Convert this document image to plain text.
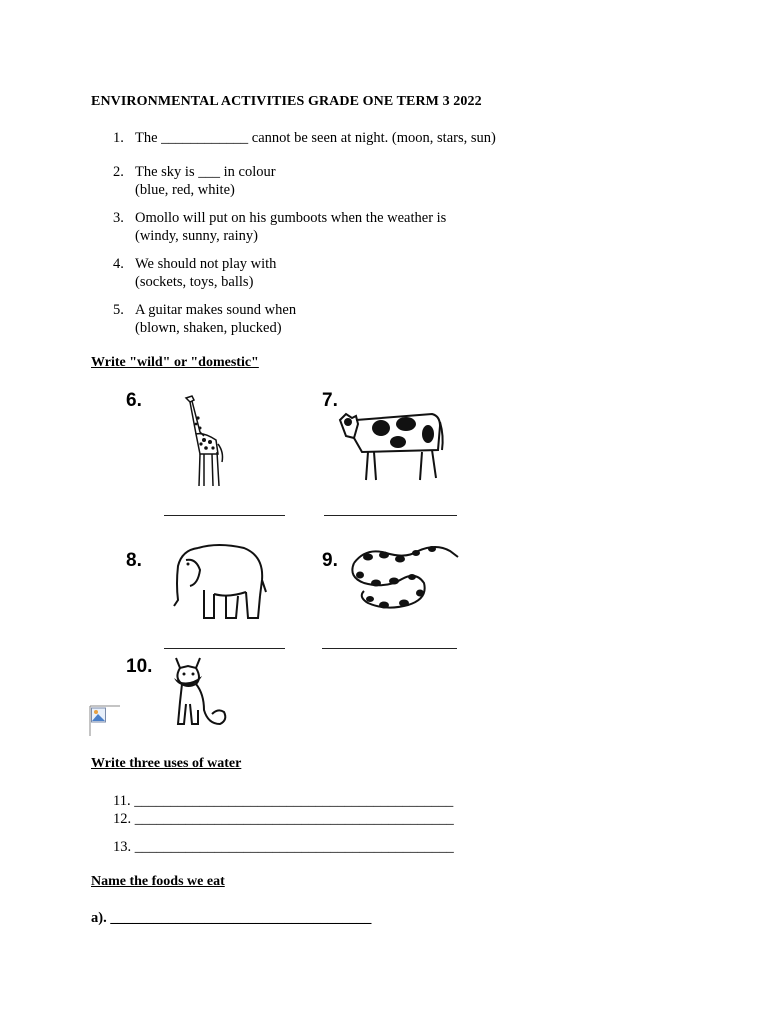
ENVIRONMENTAL ACTIVITIES GRADE ONE TERM 3 2022
1. The ____________ cannot be seen at night. (moon, stars, sun)
2. The sky is ___ in colour
(blue, red, white)
3. Omollo will put on his gumboots when the weather is
(windy, sunny, rainy)
4. We should not play with
(sockets, toys, balls)
5. A guitar makes sound when
(blown, shaken, plucked)
Write "wild" or "domestic"
6.	7.
8.	9.
10.
Write three uses of water
11. ____________________________________________
12. ____________________________________________
13. ____________________________________________
Name the foods we eat
a). ____________________________________
